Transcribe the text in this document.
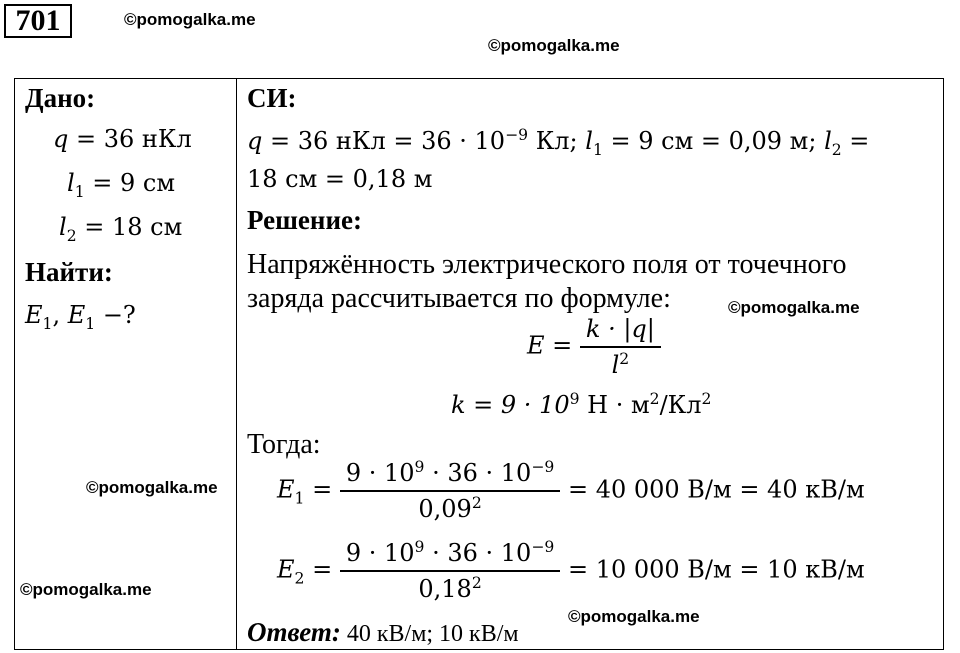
701	©pomogalka.me
©pomogalka.me
Дано:
q = 36 нКл
$l_1 = 9$ см
$l_2 = 18$ см
Найти:
$E_1$, $E_1$ −?
СИ:
q = 36 нКл = $36 \cdot 10^{-9}$ Кл; $l_1 = 9$ см = 0,09 м; $l_2$ =
18 см = 0,18 м
Решение:
Напряжённость электрического поля от точечного
заряда рассчитывается по формуле:
$E = \frac{k \cdot |q|}{l^2}$
$k = 9 \cdot 10^9$ $Н \cdot м^2/Кл^2$
Тогда:
$E_1 = \frac{9 \cdot 10^9 \cdot 36 \cdot 10^{-9}}{0,09^2} = 40$ 000 В/м = 40 кВ/м
$E_2 = \frac{9 \cdot 10^9 \cdot 36 \cdot 10^{-9}}{0,18^2} = 10$ 000 В/м = 10 кВ/м
Ответ: 40 кВ/м; 10 кВ/м
©pomogalka.me
©pomogalka.me
©pomogalka.me
©pomogalka.me
